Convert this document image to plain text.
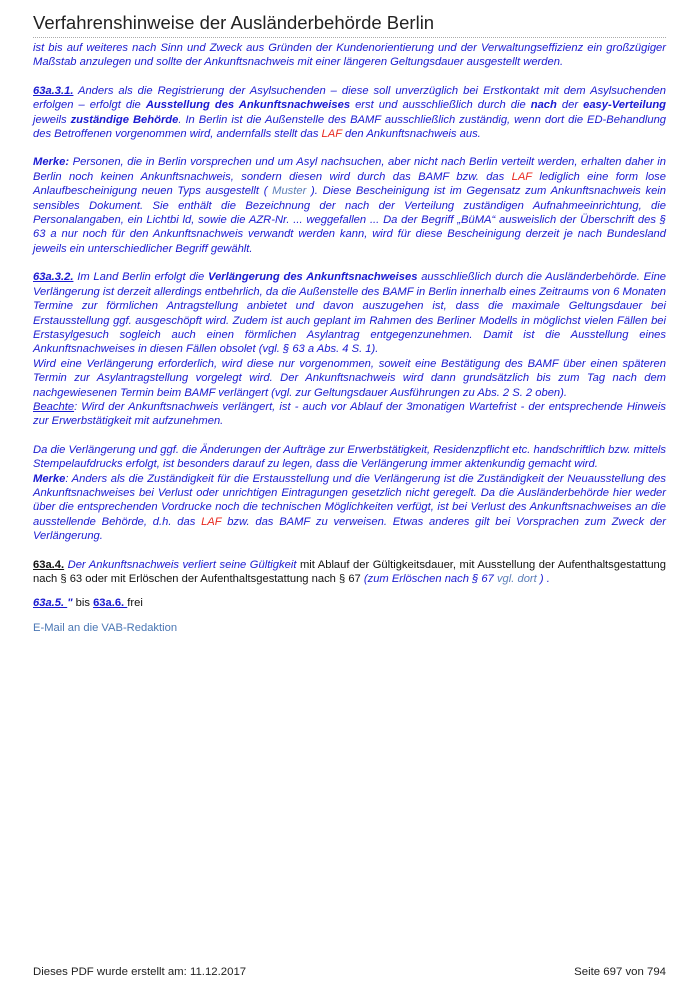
Verfahrenshinweise der Ausländerbehörde Berlin

ist bis auf weiteres nach Sinn und Zweck aus Gründen der Kundenorientierung und der Verwaltungseffizienz ein großzügiger Maßstab anzulegen und sollte der Ankunftsnachweis mit einer längeren Geltungsdauer ausgestellt werden.

63a.3.1. Anders als die Registrierung der Asylsuchenden – diese soll unverzüglich bei Erstkontakt mit dem Asylsuchenden erfolgen – erfolgt die Ausstellung des Ankunftsnachweises erst und ausschließlich durch die nach der easy-Verteilung jeweils zuständige Behörde. In Berlin ist die Außenstelle des BAMF ausschließlich zuständig, wenn dort die ED-Behandlung des Betroffenen vorgenommen wird, andernfalls stellt das LAF den Ankunftsnachweis aus.

Merke: Personen, die in Berlin vorsprechen und um Asyl nachsuchen, aber nicht nach Berlin verteilt werden, erhalten daher in Berlin noch keinen Ankunftsnachweis, sondern diesen wird durch das BAMF bzw. das LAF lediglich eine form lose Anlaufbescheinigung neuen Typs ausgestellt ( Muster ). Diese Bescheinigung ist im Gegensatz zum Ankunftsnachweis kein sensibles Dokument. Sie enthält die Bezeichnung der nach der Verteilung zuständigen Aufnahmeeinrichtung, die Personalangaben, ein Lichtbi ld, sowie die AZR-Nr. ... weggefallen ... Da der Begriff „BüMA“ ausweislich der Überschrift des § 63 a nur noch für den Ankunftsnachweis verwandt werden kann, wird für diese Bescheinigung derzeit je nach Bundesland jeweils ein unterschiedlicher Begriff gewählt.

63a.3.2. Im Land Berlin erfolgt die Verlängerung des Ankunftsnachweises ausschließlich durch die Ausländerbehörde. Eine Verlängerung ist derzeit allerdings entbehrlich, da die Außenstelle des BAMF in Berlin innerhalb eines Zeitraums von 6 Monaten Termine zur förmlichen Antragstellung anbietet und davon auszugehen ist, dass die maximale Geltungsdauer bei Erstausstellung ggf. ausgeschöpft wird. Zudem ist auch geplant im Rahmen des Berliner Modells in möglichst vielen Fällen bei Erstasylgesuch sogleich auch einen förmlichen Asylantrag entgegenzunehmen. Damit ist die Ausstellung eines Ankunftsnachweises in diesen Fällen obsolet (vgl. § 63 a Abs. 4 S. 1).

Wird eine Verlängerung erforderlich, wird diese nur vorgenommen, soweit eine Bestätigung des BAMF über einen späteren Termin zur Asylantragstellung vorgelegt wird. Der Ankunftsnachweis wird dann grundsätzlich bis zum Tag nach dem nachgewiesenen Termin beim BAMF verlängert (vgl. zur Geltungsdauer Ausführungen zu Abs. 2 S. 2 oben).

Beachte: Wird der Ankunftsnachweis verlängert, ist - auch vor Ablauf der 3monatigen Wartefrist - der entsprechende Hinweis zur Erwerbstätigkeit mit aufzunehmen.

Da die Verlängerung und ggf. die Änderungen der Aufträge zur Erwerbstätigkeit, Residenzpflicht etc. handschriftlich bzw. mittels Stempelaufdrucks erfolgt, ist besonders darauf zu legen, dass die Verlängerung immer aktenkundig gemacht wird.

Merke: Anders als die Zuständigkeit für die Erstausstellung und die Verlängerung ist die Zuständigkeit der Neuausstellung des Ankunftsnachweises bei Verlust oder unrichtigen Eintragungen gesetzlich nicht geregelt. Da die Ausländerbehörde hier weder über die entsprechenden Vordrucke noch die technischen Möglichkeiten verfügt, ist bei Verlust des Ankunftsnachweises an die ausstellende Behörde, d.h. das LAF bzw. das BAMF zu verweisen. Etwas anderes gilt bei Vorsprachen zum Zweck der Verlängerung.

63a.4. Der Ankunftsnachweis verliert seine Gültigkeit mit Ablauf der Gültigkeitsdauer, mit Ausstellung der Aufenthaltsgestattung nach § 63 oder mit Erlöschen der Aufenthaltsgestattung nach § 67 (zum Erlöschen nach § 67 vgl. dort ) .

63a.5. " bis 63a.6. frei

E-Mail an die VAB-Redaktion

Dieses PDF wurde erstellt am: 11.12.2017	Seite 697 von 794
